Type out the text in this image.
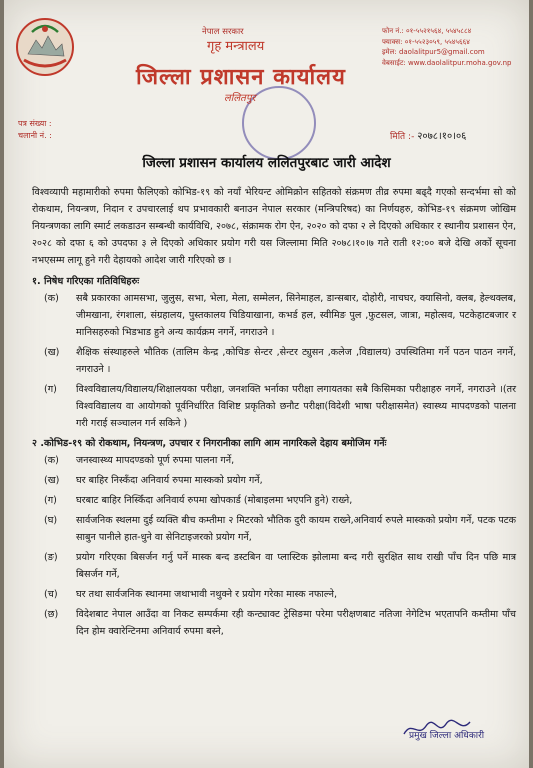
नेपाल सरकार
गृह मन्त्रालय
जिल्ला प्रशासन कार्यालय
फोन नं.: ०१-५५२१५६४, ५५४५८८४
फ्याक्स: ०१-५५२३०५९, ५५४५६६४
इमेल: daolalitpur5@gmail.com
वेबसाईट: www.daolalitpur.moha.gov.np
ललितपुर
पत्र संख्या :
चलानी नं. :	मिति :- २०७८।१०।०६
जिल्ला प्रशासन कार्यालय ललितपुरबाट जारी आदेश

विश्वव्यापी महामारीको रुपमा फैलिएको कोभिड-१९ को नयाँ भेरियन्ट ओमिक्रोन सहितको संक्रमण तीव्र रुपमा बढ्दै गएको सन्दर्भमा सो को रोकथाम, नियन्त्रण, निदान र उपचारलाई थप प्रभावकारी बनाउन नेपाल सरकार (मन्त्रिपरिषद) का निर्णयहरु, कोभिड-१९ संक्रमण जोखिम नियन्त्रणका लागि स्मार्ट लकडाउन सम्बन्धी कार्यविधि, २०७८, संक्रामक रोग ऐन, २०२० को दफा २ ले दिएको अधिकार र स्थानीय प्रशासन ऐन, २०२८ को दफा ६ को उपदफा ३ ले दिएको अधिकार प्रयोग गरी यस जिल्लामा मिति २०७८।१०।७ गते राती १२:०० बजे देखि अर्को सूचना नभएसम्म लागू हुने गरी देहायको आदेश जारी गरिएको छ ।

१. निषेध गरिएका गतिविधिहरुः
(क)	सबै प्रकारका आमसभा, जुलुस, सभा, भेला, मेला, सम्मेलन, सिनेमाहल, डान्सबार, दोहोरी, नाचघर, क्यासिनो, क्लब, हेल्थक्लब, जीमखाना, रंगशाला, संग्रहालय, पुस्तकालय चिडियाखाना, कभर्ड हल, स्वीमिङ पुल ,फुटसल, जात्रा, महोत्सव, पटकेहाटबजार र मानिसहरुको भिडभाड हुने अन्य कार्यक्रम नगर्ने, नगराउने ।
(ख)	शैक्षिक संस्थाहरुले भौतिक (तालिम केन्द्र ,कोचिङ सेन्टर ,सेन्टर ट्युसन ,कलेज ,विद्यालय) उपस्थितिमा गर्ने पठन पाठन नगर्ने, नगराउने ।
(ग)	विश्वविद्यालय/विद्यालय/शिक्षालयका परीक्षा, जनशक्ति भर्नाका परीक्षा लगायतका सबै किसिमका परीक्षाहरु नगर्ने, नगराउने ।(तर विश्वविद्यालय वा आयोगको पूर्वनिर्धारित विशिष्ट प्रकृतिको छनौट परीक्षा(विदेशी भाषा परीक्षासमेत) स्वास्थ्य मापदण्डको पालना गरी गराई सञ्चालन गर्न सकिने )
२ .कोभिड-१९ को रोकथाम, नियन्त्रण, उपचार र निगरानीका लागि आम नागरिकले देहाय बमोजिम गर्नेः
(क)	जनस्वास्थ्य मापदण्डको पूर्ण रुपमा पालना गर्ने,
(ख)	घर बाहिर निस्कँदा अनिवार्य रुपमा मास्कको प्रयोग गर्ने,
(ग)	घरबाट बाहिर निस्किँदा अनिवार्य रुपमा खोपकार्ड (मोबाइलमा भएपनि हुने) राख्ने,
(घ)	सार्वजनिक स्थलमा दुई व्यक्ति बीच कम्तीमा २ मिटरको भौतिक दुरी कायम राख्ने,अनिवार्य रुपले मास्कको प्रयोग गर्ने, पटक पटक साबुन पानीले हात-धुने वा सेनिटाइजरको प्रयोग गर्ने,
(ङ)	प्रयोग गरिएका बिसर्जन गर्नु पर्ने मास्क बन्द डस्टबिन वा प्लास्टिक झोलामा बन्द गरी सुरक्षित साथ राखी पाँच दिन पछि मात्र बिसर्जन गर्ने,
(च)	घर तथा सार्वजनिक स्थानमा जथाभावी नथुक्ने र प्रयोग गरेका मास्क नफाल्ने,
(छ)	विदेशबाट नेपाल आउँदा वा निकट सम्पर्कमा रही कन्ट्याक्ट ट्रेसिङमा परेमा परीक्षणबाट नतिजा नेगेटिभ भएतापनि कम्तीमा पाँच दिन होम क्वारेन्टिनमा अनिवार्य रुपमा बस्ने,
प्रमुख जिल्ला अधिकारी
